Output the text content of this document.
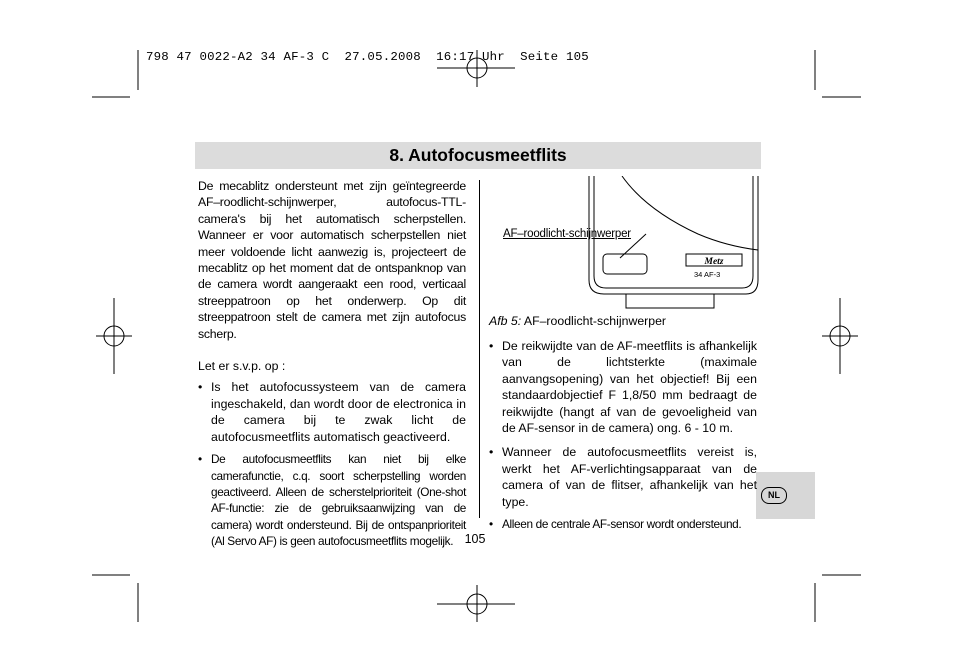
798 47 0022-A2 34 AF-3 C  27.05.2008  16:17 Uhr  Seite 105
8. Autofocusmeetflits
NL

De mecablitz ondersteunt met zijn geïntegreerde AF–roodlicht-schijnwerper, autofocus-TTL-camera's bij het automatisch scherpstellen. Wanneer er voor automatisch scherpstellen niet meer voldoende licht aanwezig is, projecteert de mecablitz op het moment dat de ontspanknop van de camera wordt aangeraakt een rood, verticaal streeppatroon op het onderwerp. Op dit streeppatroon stelt de camera met zijn autofocus scherp.

Let er s.v.p. op :

• Is het autofocussysteem van de camera ingeschakeld, dan wordt door de electronica in de camera bij te zwak licht de autofocusmeetflits automatisch geactiveerd.
• De autofocusmeetflits kan niet bij elke camerafunctie, c.q. soort scherpstelling worden geactiveerd. Alleen de scherstelprioriteit (One-shot AF-functie: zie de gebruiksaanwijzing van de camera) wordt ondersteund. Bij de ontspanprioriteit (Al Servo AF) is geen autofocusmeetflits mogelijk.
Metz
34 AF-3
AF–roodlicht-schijnwerper
Afb 5: AF–roodlicht-schijnwerper
• De reikwijdte van de AF-meetflits is afhankelijk van de lichtsterkte (maximale aanvangsopening) van het objectief! Bij een standaardobjectief F 1,8/50 mm bedraagt de reikwijdte (hangt af van de gevoeligheid van de AF-sensor in de camera) ong. 6 - 10 m.
• Wanneer de autofocusmeetflits vereist is, werkt het AF-verlichtingsapparaat van de camera of van de flitser, afhankelijk van het type.
• Alleen de centrale AF-sensor wordt ondersteund.
105
